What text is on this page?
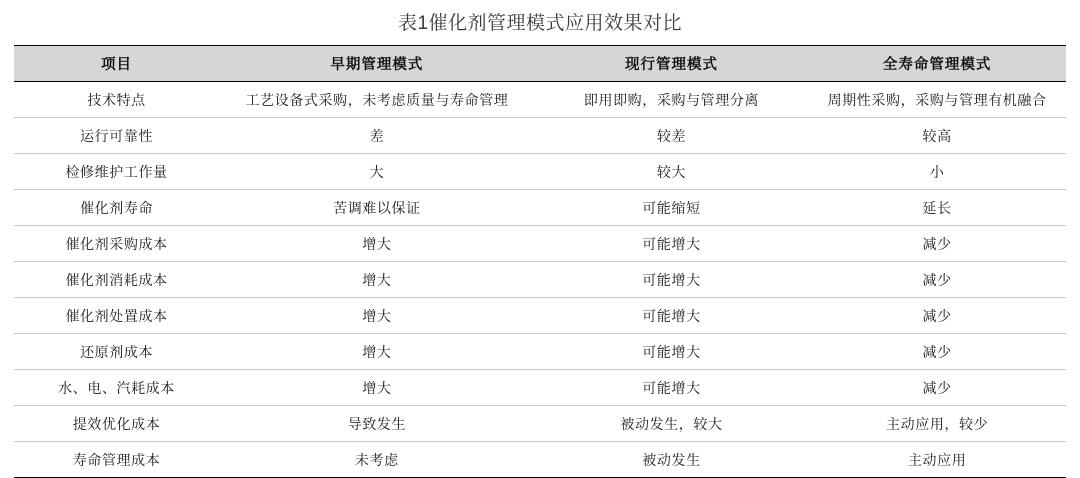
表1催化剂管理模式应用效果对比
项目	早期管理模式	现行管理模式	全寿命管理模式
技术特点	工艺设备式采购，未考虑质量与寿命管理	即用即购，采购与管理分离	周期性采购，采购与管理有机融合
运行可靠性	差	较差	较高
检修维护工作量	大	较大	小
催化剂寿命	苦调难以保证	可能缩短	延长
催化剂采购成本	增大	可能增大	减少
催化剂消耗成本	增大	可能增大	减少
催化剂处置成本	增大	可能增大	减少
还原剂成本	增大	可能增大	减少
水、电、汽耗成本	增大	可能增大	减少
提效优化成本	导致发生	被动发生，较大	主动应用，较少
寿命管理成本	未考虑	被动发生	主动应用
